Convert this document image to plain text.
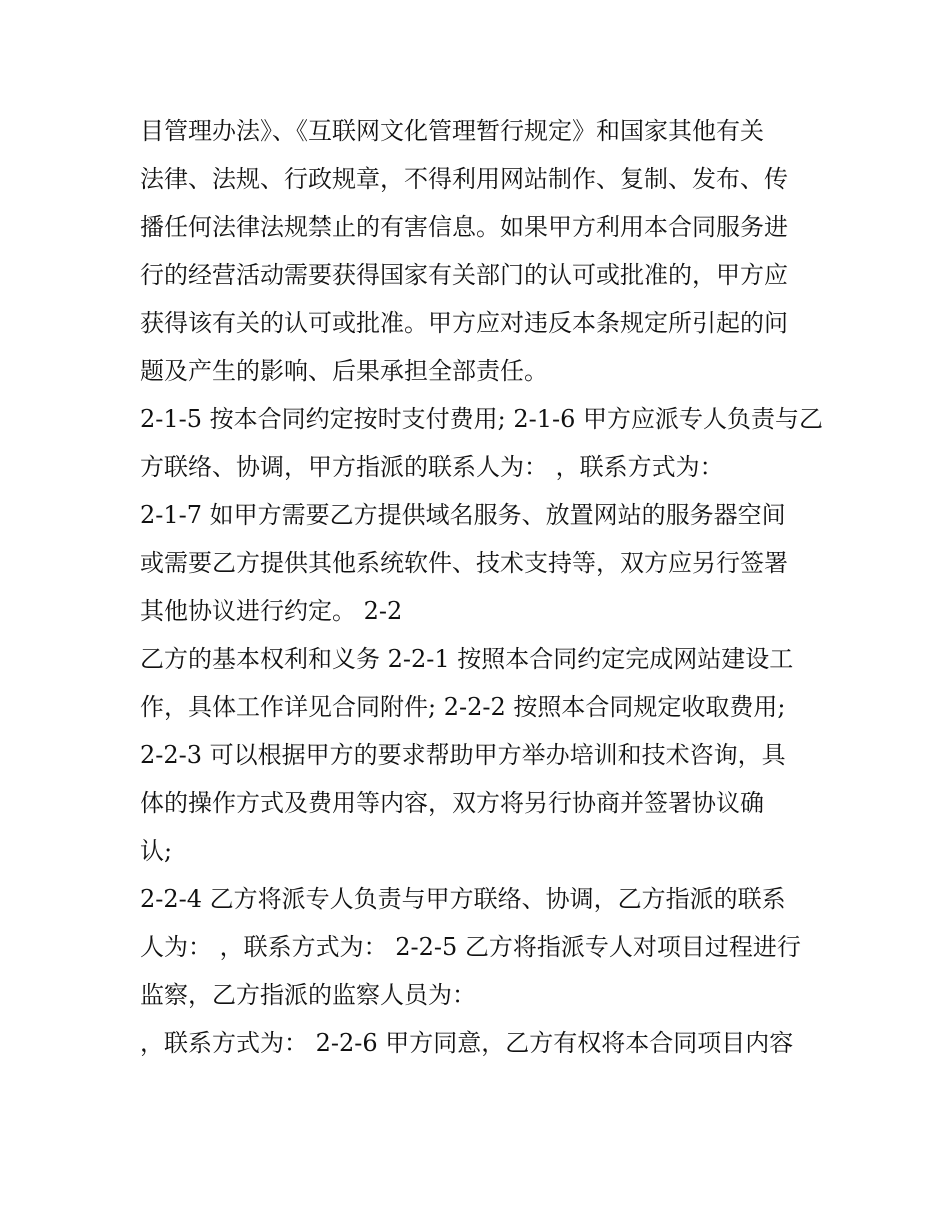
目管理办法》、《互联网文化管理暂行规定》和国家其他有关
法律、法规、行政规章，不得利用网站制作、复制、发布、传
播任何法律法规禁止的有害信息。如果甲方利用本合同服务进
行的经营活动需要获得国家有关部门的认可或批准的，甲方应
获得该有关的认可或批准。甲方应对违反本条规定所引起的问
题及产生的影响、后果承担全部责任。
2-1-5 按本合同约定按时支付费用; 2-1-6 甲方应派专人负责与乙
方联络、协调，甲方指派的联系人为： ，联系方式为：
2-1-7 如甲方需要乙方提供域名服务、放置网站的服务器空间
或需要乙方提供其他系统软件、技术支持等，双方应另行签署
其他协议进行约定。 2-2
乙方的基本权利和义务 2-2-1 按照本合同约定完成网站建设工
作，具体工作详见合同附件; 2-2-2 按照本合同规定收取费用;
2-2-3 可以根据甲方的要求帮助甲方举办培训和技术咨询，具
体的操作方式及费用等内容，双方将另行协商并签署协议确
认;
2-2-4 乙方将派专人负责与甲方联络、协调，乙方指派的联系
人为： ，联系方式为： 2-2-5 乙方将指派专人对项目过程进行
监察，乙方指派的监察人员为：
，联系方式为： 2-2-6 甲方同意，乙方有权将本合同项目内容
